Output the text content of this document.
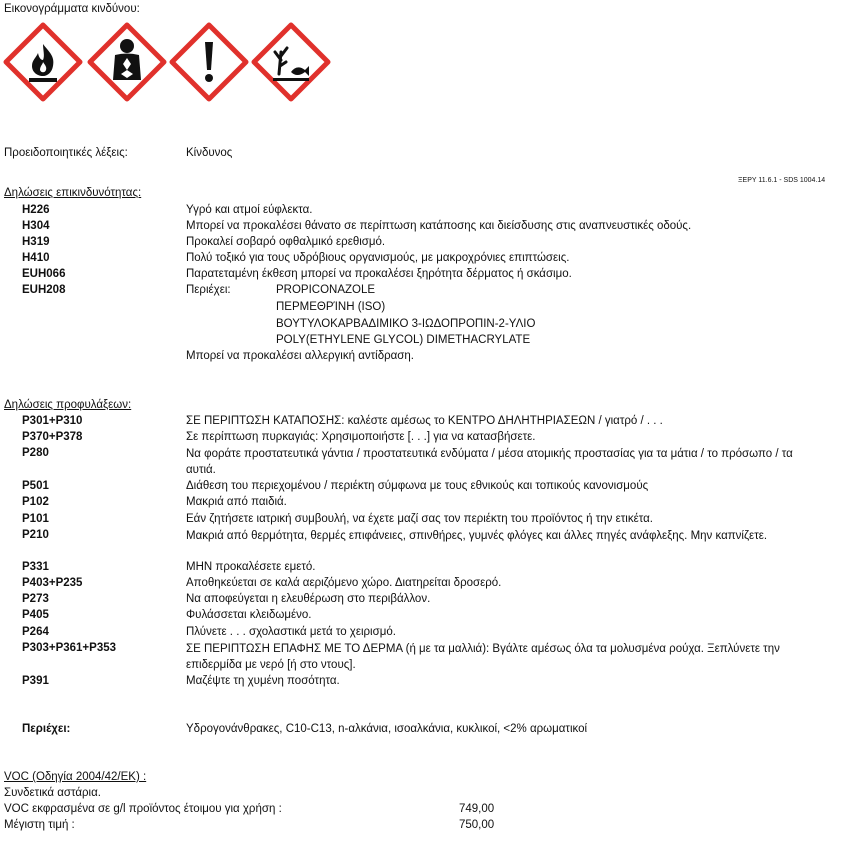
Εικονογράμματα κινδύνου:
Προειδοποιητικές λέξεις:	Κίνδυνος
ΞΕΡΥ 11.6.1 - SDS 1004.14
Δηλώσεις επικινδυνότητας:
H226	Υγρό και ατμοί εύφλεκτα.
H304	Μπορεί να προκαλέσει θάνατο σε περίπτωση κατάποσης και διείσδυσης στις αναπνευστικές οδούς.
H319	Προκαλεί σοβαρό οφθαλμικό ερεθισμό.
H410	Πολύ τοξικό για τους υδρόβιους οργανισμούς, με μακροχρόνιες επιπτώσεις.
EUH066	Παρατεταμένη έκθεση μπορεί να προκαλέσει ξηρότητα δέρματος ή σκάσιμο.
EUH208	Περιέχει:	PROPICONAZOLE
ΠΕΡΜΕΘΡΊΝΗ (ISO)
ΒΟΥΤΥΛΟΚΑΡΒΑΔΙΜΙΚΟ 3-ΙΩΔΟΠΡΟΠΙΝ-2-ΥΛΙΟ
POLY(ETHYLENE GLYCOL) DIMETHACRYLATE
Μπορεί να προκαλέσει αλλεργική αντίδραση.
Δηλώσεις προφυλάξεων:
P301+P310	ΣΕ ΠΕΡΙΠΤΩΣΗ ΚΑΤΑΠΟΣΗΣ: καλέστε αμέσως το ΚΕΝΤΡΟ ΔΗΛΗΤΗΡΙΑΣΕΩΝ / γιατρό / . . .
P370+P378	Σε περίπτωση πυρκαγιάς: Χρησιμοποιήστε [. . .] για να κατασβήσετε.
P280	Να φοράτε προστατευτικά γάντια / προστατευτικά ενδύματα / μέσα ατομικής προστασίας για τα μάτια / το πρόσωπο / τα αυτιά.
P501	Διάθεση του περιεχομένου / περιέκτη σύμφωνα με τους εθνικούς και τοπικούς κανονισμούς
P102	Μακριά από παιδιά.
P101	Εάν ζητήσετε ιατρική συμβουλή, να έχετε μαζί σας τον περιέκτη του προϊόντος ή την ετικέτα.
P210	Μακριά από θερμότητα, θερμές επιφάνειες, σπινθήρες, γυμνές φλόγες και άλλες πηγές ανάφλεξης. Μην καπνίζετε.
P331	ΜΗΝ προκαλέσετε εμετό.
P403+P235	Αποθηκεύεται σε καλά αεριζόμενο χώρο. Διατηρείται δροσερό.
P273	Να αποφεύγεται η ελευθέρωση στο περιβάλλον.
P405	Φυλάσσεται κλειδωμένο.
P264	Πλύνετε . . . σχολαστικά μετά το χειρισμό.
P303+P361+P353	ΣΕ ΠΕΡΙΠΤΩΣΗ ΕΠΑΦΗΣ ΜΕ ΤΟ ΔΕΡΜΑ (ή με τα μαλλιά): Βγάλτε αμέσως όλα τα μολυσμένα ρούχα. Ξεπλύνετε την επιδερμίδα με νερό [ή στο ντους].
P391	Μαζέψτε τη χυμένη ποσότητα.
Περιέχει:	Υδρογονάνθρακες, C10-C13, n-αλκάνια, ισοαλκάνια, κυκλικοί, <2% αρωματικοί
VOC (Οδηγία 2004/42/ΕΚ) :
Συνδετικά αστάρια.
VOC εκφρασμένα σε g/l προϊόντος έτοιμου για χρήση :	749,00
Μέγιστη τιμή :	750,00
